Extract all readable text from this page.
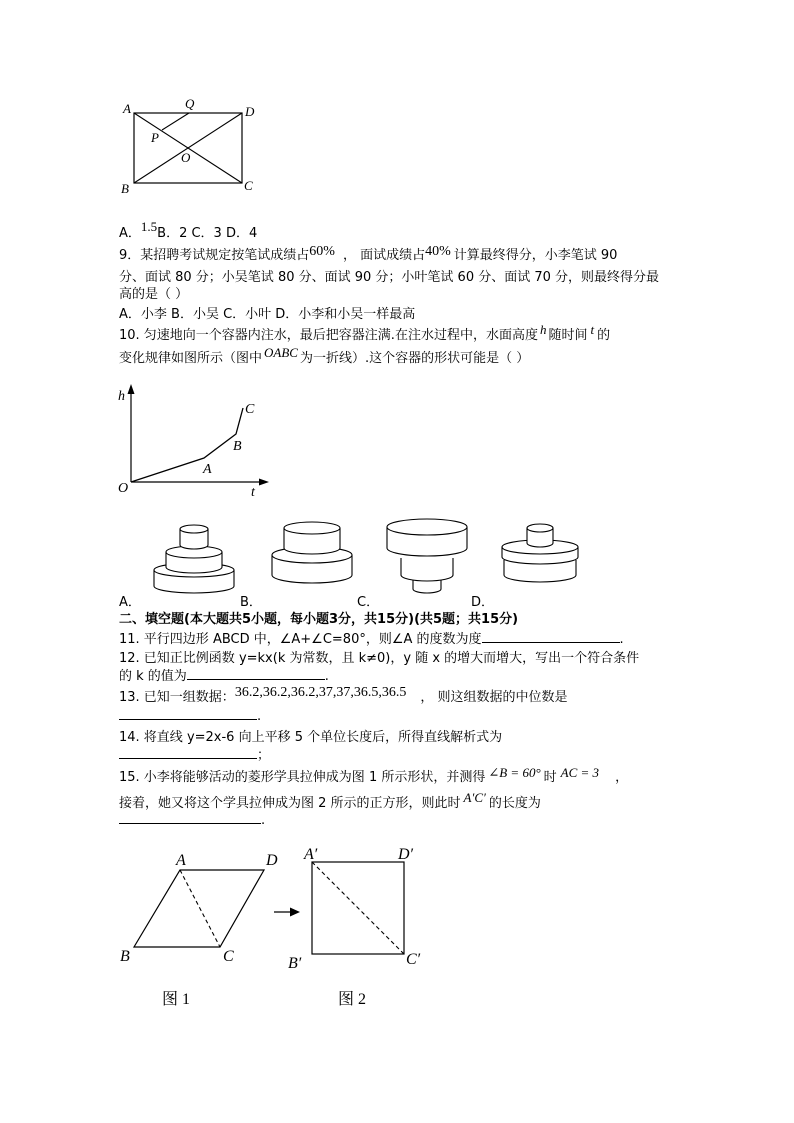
A	Q
D
P
O
B	C
A．1.5B．2 C．3 D．4
9．某招聘考试规定按笔试成绩占60% ， 面试成绩占40% 计算最终得分，小李笔试 90
分、面试 80 分；小吴笔试 80 分、面试 90 分；小叶笔试 60 分、面试 70 分，则最终得分最
高的是（ ）
A．小李 B．小吴 C．小叶 D．小李和小吴一样最高
10. 匀速地向一个容器内注水，最后把容器注满.在注水过程中，水面高度 h 随时间 t 的
变化规律如图所示（图中 OABC 为一折线）.这个容器的形状可能是（ ）
h
t
O
A
B
C
A．	B．	C．	D．
二、填空题(本大题共5小题，每小题3分，共15分)(共5题；共15分)
11. 平行四边形 ABCD 中，∠A+∠C=80°，则∠A 的度数为度	.
12. 已知正比例函数 y=kx(k 为常数，且 k≠0)，y 随 x 的增大而增大，写出一个符合条件
的 k 的值为	.
13. 已知一组数据：36.2,36.2,36.2,37,37,36.5,36.5 ， 则这组数据的中位数是
.
14. 将直线 y=2x-6 向上平移 5 个单位长度后，所得直线解析式为
；
15. 小李将能够活动的菱形学具拉伸成为图 1 所示形状，并测得 ∠B = 60° 时 AC = 3 ，
接着，她又将这个学具拉伸成为图 2 所示的正方形，则此时 A′C′ 的长度为
.
A	D
B	C
A′	D′
B′	C′
图 1	图 2
